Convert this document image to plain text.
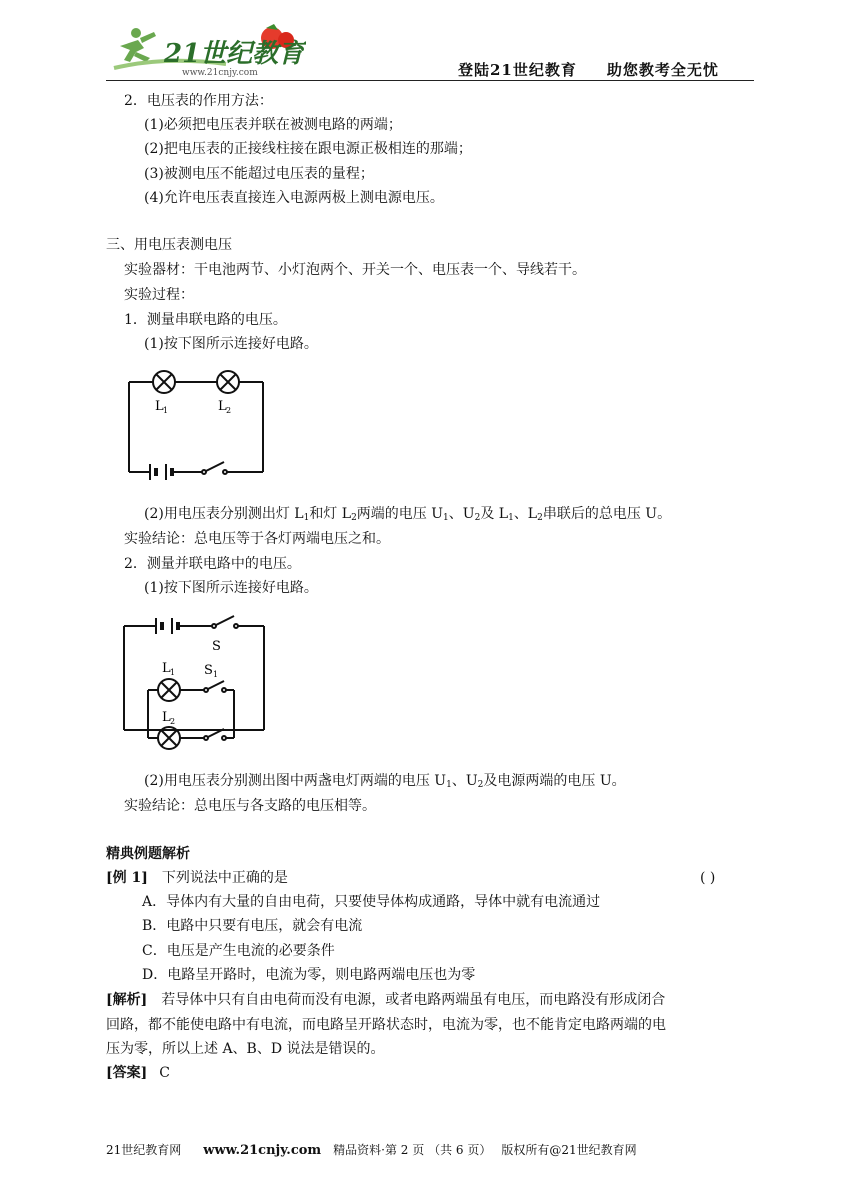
21世纪教育
www.21cnjy.com	登陆21世纪教育 助您教考全无忧
2．电压表的作用方法：
(1)必须把电压表并联在被测电路的两端；
(2)把电压表的正接线柱接在跟电源正极相连的那端；
(3)被测电压不能超过电压表的量程；
(4)允许电压表直接连入电源两极上测电源电压。
三、用电压表测电压
实验器材：干电池两节、小灯泡两个、开关一个、电压表一个、导线若干。
实验过程：
1．测量串联电路的电压。
(1)按下图所示连接好电路。
L 1	L 2
(2)用电压表分别测出灯 $L_1$和灯 $L_2$两端的电压 $U_1$、$U_2$及 $L_1$、$L_2$串联后的总电压 U。
实验结论：总电压等于各灯两端电压之和。
2．测量并联电路中的电压。
(1)按下图所示连接好电路。
S
L 1
L 2
S 1
(2)用电压表分别测出图中两盏电灯两端的电压 $U_1$、$U_2$及电源两端的电压 U。
实验结论：总电压与各支路的电压相等。
精典例题解析
[例 1] 下列说法中正确的是	( )
A．导体内有大量的自由电荷，只要使导体构成通路，导体中就有电流通过
B．电路中只要有电压，就会有电流
C．电压是产生电流的必要条件
D．电路呈开路时，电流为零，则电路两端电压也为零
[解析] 若导体中只有自由电荷而没有电源，或者电路两端虽有电压，而电路没有形成闭合
回路，都不能使电路中有电流，而电路呈开路状态时，电流为零，也不能肯定电路两端的电
压为零，所以上述 A、B、D 说法是错误的。
[答案] C
21世纪教育网 www.21cnjy.com 精品资料·第 2 页 （共 6 页） 版权所有@21世纪教育网
